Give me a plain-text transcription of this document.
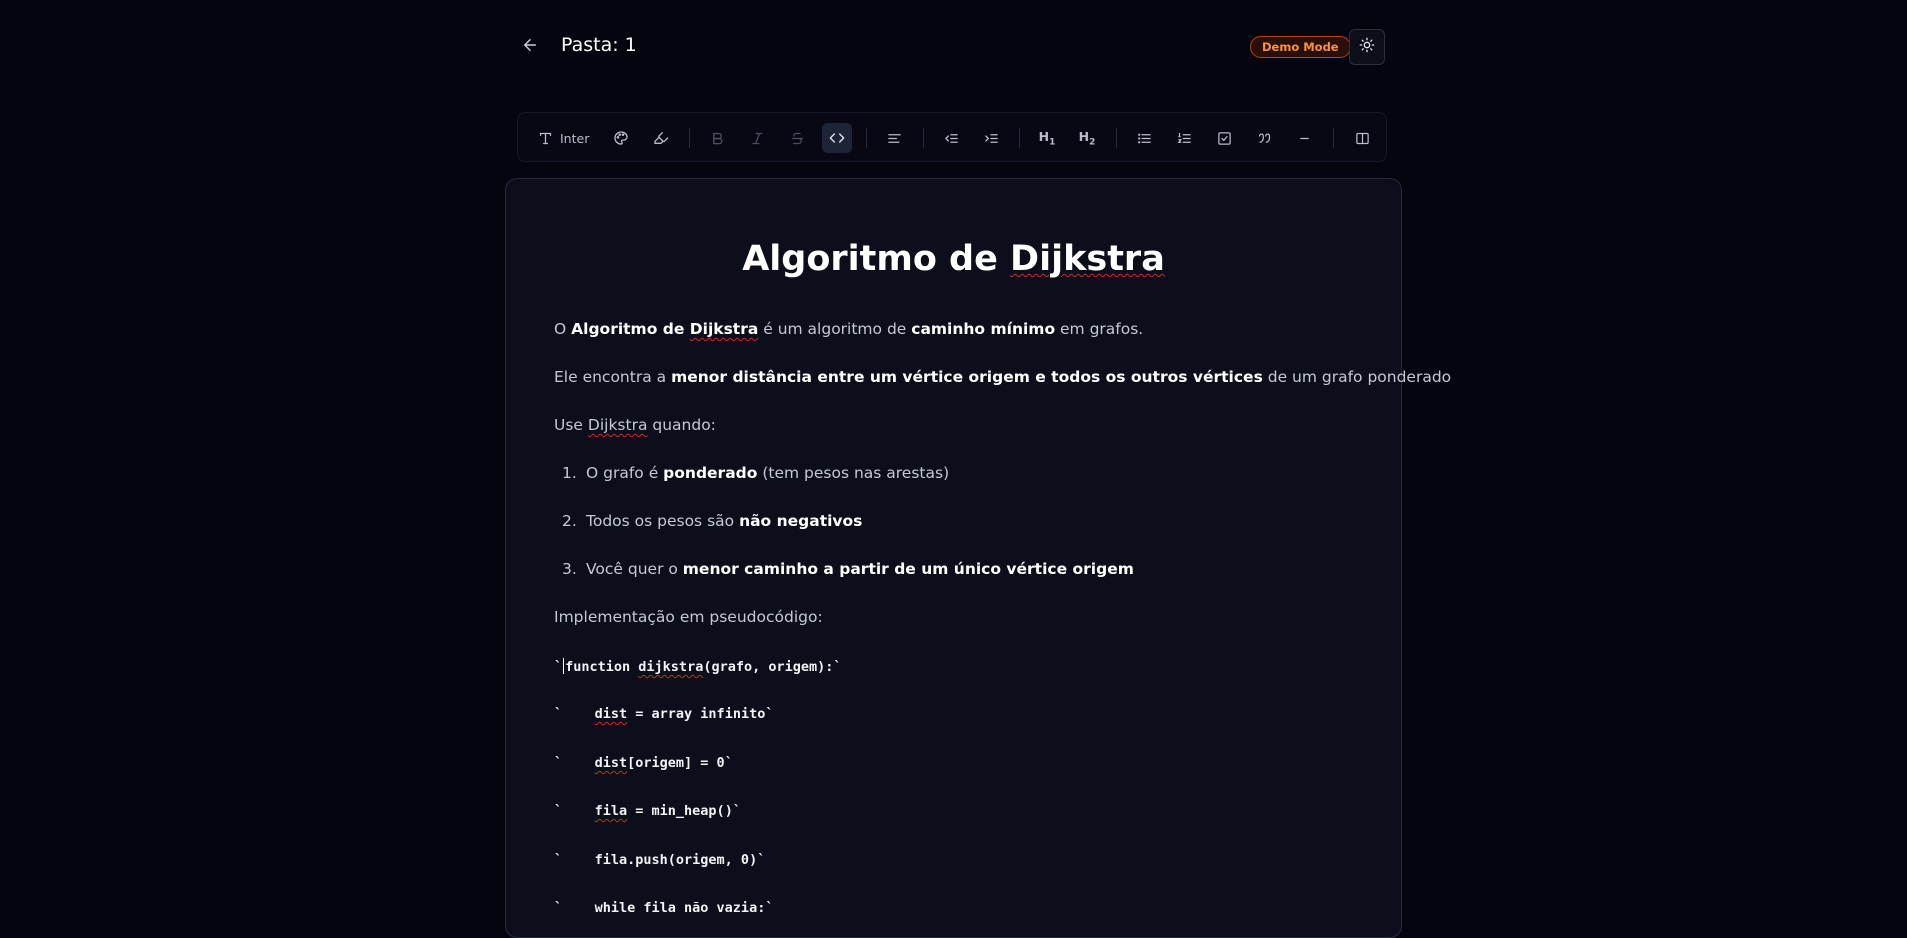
Pasta: 1	Demo Mode
Inter	$H_1$ $H_2$
Algoritmo de Dijkstra
O Algoritmo de Dijkstra é um algoritmo de caminho mínimo em grafos.
Ele encontra a menor distância entre um vértice origem e todos os outros vértices de um grafo ponderado
Use Dijkstra quando:
1. O grafo é ponderado (tem pesos nas arestas)
2. Todos os pesos são não negativos
3. Você quer o menor caminho a partir de um único vértice origem
Implementação em pseudocódigo:
` function dijkstra(grafo, origem):`
`    dist = array infinito`
`    dist[origem] = 0`
`    fila = min_heap()`
`    fila.push(origem, 0)`
`    while fila não vazia:`
